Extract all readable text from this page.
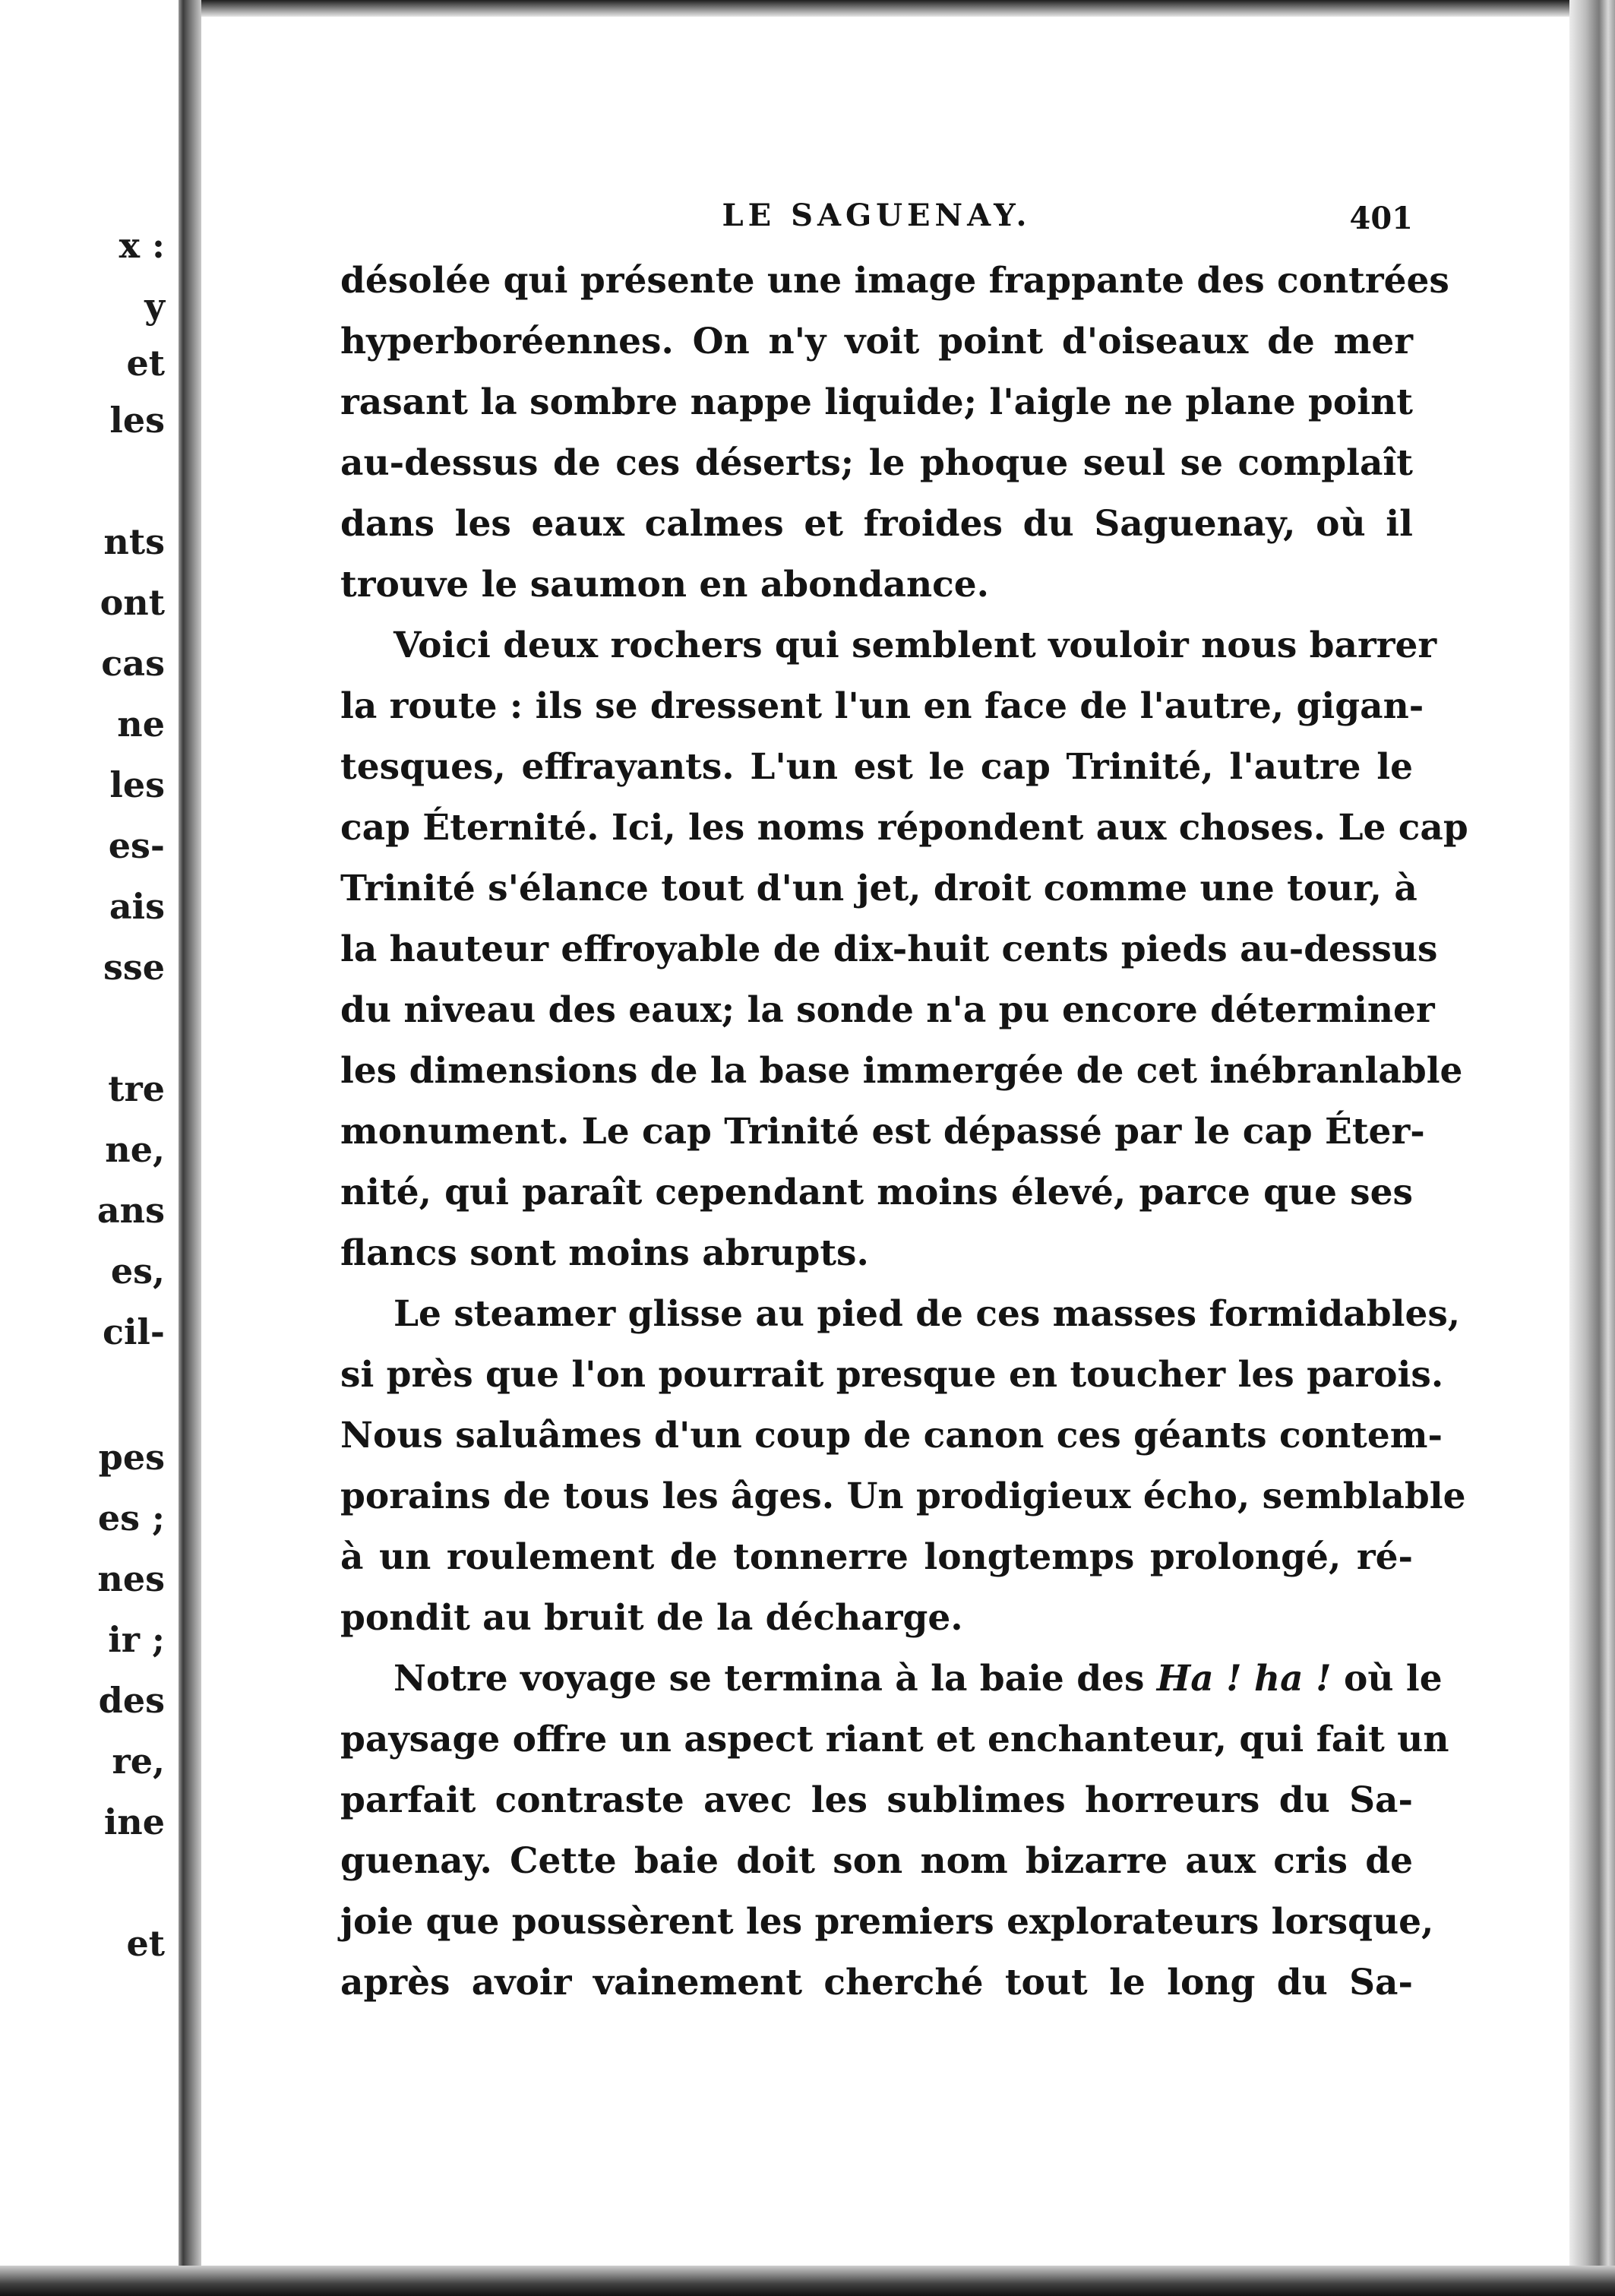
x :
y
et
les
nts
ont
cas
ne
les
es-
ais
sse
tre
ne,
ans
es,
cil-
pes
es ;
nes
ir ;
des
re,
ine
et
LE SAGUENAY.	401

désolée qui présente une image frappante des contrées
hyperboréennes. On n'y voit point d'oiseaux de mer
rasant la sombre nappe liquide; l'aigle ne plane point
au-dessus de ces déserts; le phoque seul se complaît
dans les eaux calmes et froides du Saguenay, où il
trouve le saumon en abondance.

Voici deux rochers qui semblent vouloir nous barrer
la route : ils se dressent l'un en face de l'autre, gigan-
tesques, effrayants. L'un est le cap Trinité, l'autre le
cap Éternité. Ici, les noms répondent aux choses. Le cap
Trinité s'élance tout d'un jet, droit comme une tour, à
la hauteur effroyable de dix-huit cents pieds au-dessus
du niveau des eaux; la sonde n'a pu encore déterminer
les dimensions de la base immergée de cet inébranlable
monument. Le cap Trinité est dépassé par le cap Éter-
nité, qui paraît cependant moins élevé, parce que ses
flancs sont moins abrupts.

Le steamer glisse au pied de ces masses formidables,
si près que l'on pourrait presque en toucher les parois.
Nous saluâmes d'un coup de canon ces géants contem-
porains de tous les âges. Un prodigieux écho, semblable
à un roulement de tonnerre longtemps prolongé, ré-
pondit au bruit de la décharge.

Notre voyage se termina à la baie des Ha ! ha ! où le
paysage offre un aspect riant et enchanteur, qui fait un
parfait contraste avec les sublimes horreurs du Sa-
guenay. Cette baie doit son nom bizarre aux cris de
joie que poussèrent les premiers explorateurs lorsque,
après avoir vainement cherché tout le long du Sa-
